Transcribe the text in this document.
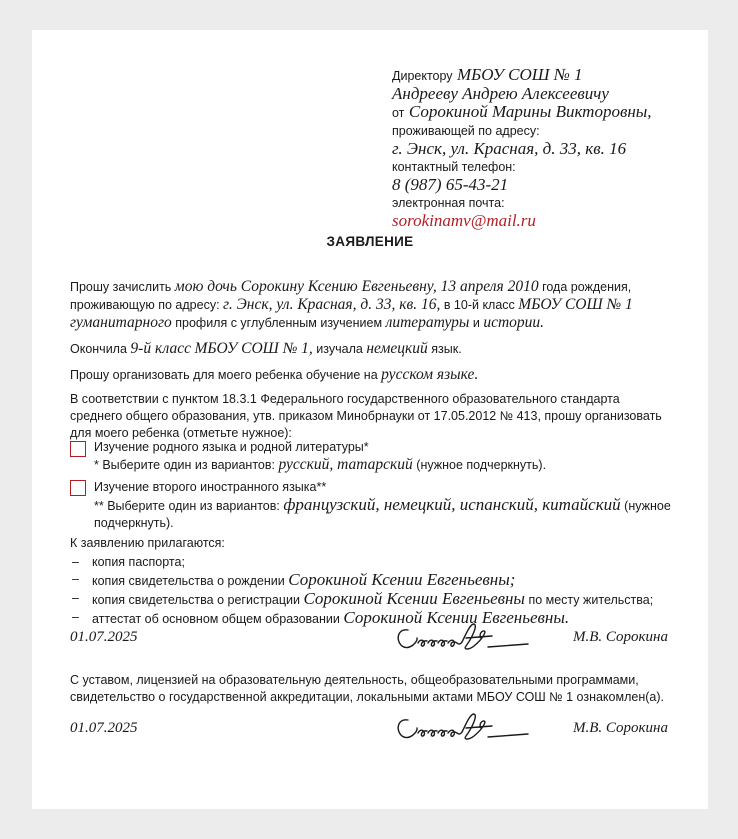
Директору МБОУ СОШ № 1
Андрееву Андрею Алексеевичу
от Сорокиной Марины Викторовны,
проживающей по адресу:
г. Энск, ул. Красная, д. 33, кв. 16
контактный телефон:
8 (987) 65-43-21
электронная почта:
sorokinamv@mail.ru
ЗАЯВЛЕНИЕ
Прошу зачислить мою дочь Сорокину Ксению Евгеньевну, 13 апреля 2010 года рождения, проживающую по адресу: г. Энск, ул. Красная, д. 33, кв. 16, в 10-й класс МБОУ СОШ № 1 гуманитарного профиля с углубленным изучением литературы и истории.
Окончила 9-й класс МБОУ СОШ № 1, изучала немецкий язык.
Прошу организовать для моего ребенка обучение на русском языке.
В соответствии с пунктом 18.3.1 Федерального государственного образовательного стандарта среднего общего образования, утв. приказом Минобрнауки от 17.05.2012 № 413, прошу организовать для моего ребенка (отметьте нужное):
Изучение родного языка и родной литературы*
* Выберите один из вариантов: русский, татарский (нужное подчеркнуть).
Изучение второго иностранного языка**
** Выберите один из вариантов: французский, немецкий, испанский, китайский (нужное подчеркнуть).
К заявлению прилагаются:
– копия паспорта;
– копия свидетельства о рождении Сорокиной Ксении Евгеньевны;
– копия свидетельства о регистрации Сорокиной Ксении Евгеньевны по месту жительства;
– аттестат об основном общем образовании Сорокиной Ксении Евгеньевны.
01.07.2025	М.В. Сорокина
С уставом, лицензией на образовательную деятельность, общеобразовательными программами, свидетельство о государственной аккредитации, локальными актами МБОУ СОШ № 1 ознакомлен(а).
01.07.2025	М.В. Сорокина
